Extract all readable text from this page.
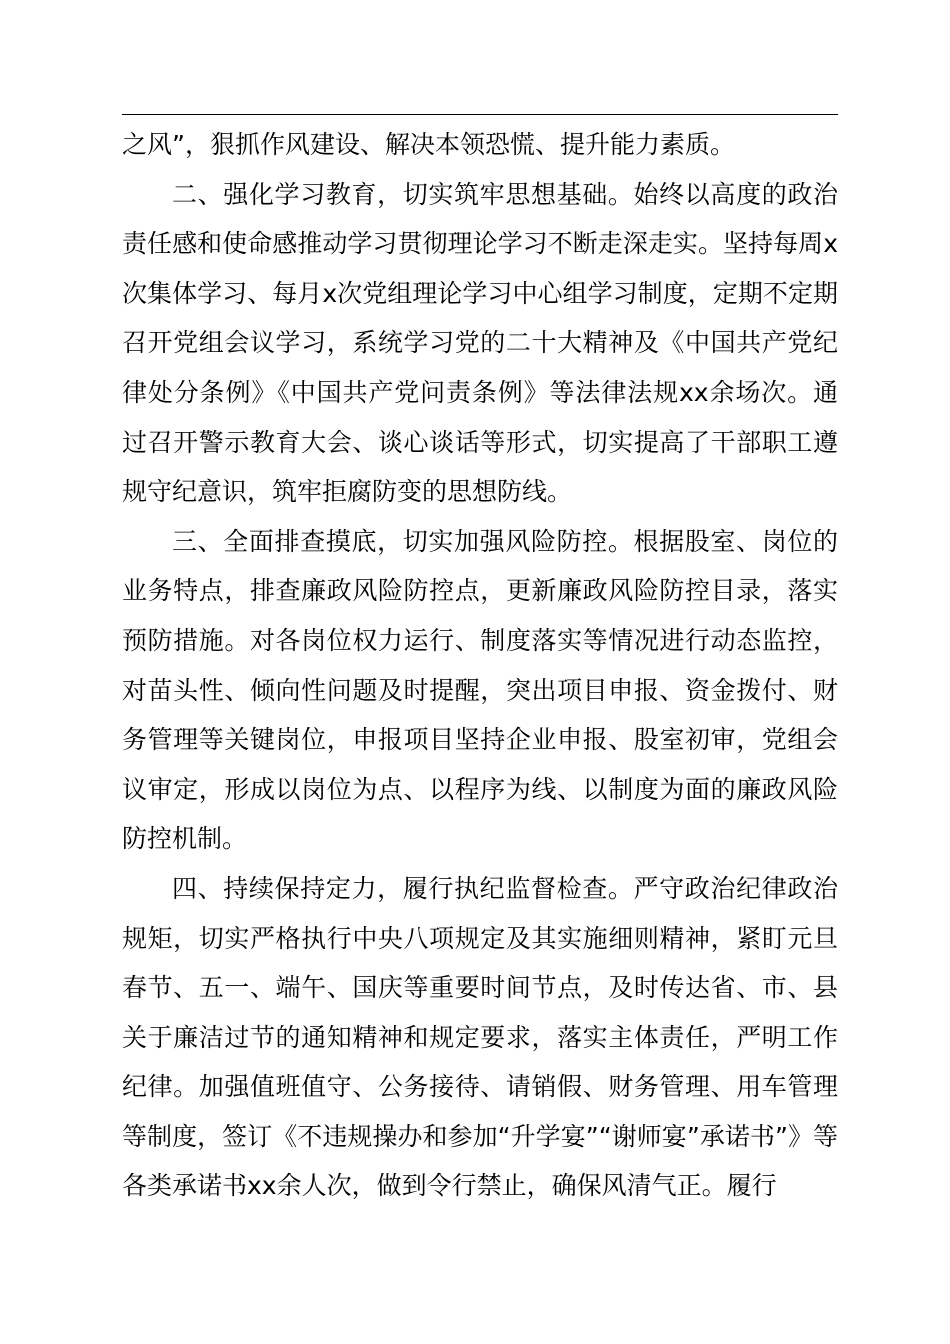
之风”，狠抓作风建设、解决本领恐慌、提升能力素质。

二、强化学习教育，切实筑牢思想基础。始终以高度的政治责任感和使命感推动学习贯彻理论学习不断走深走实。坚持每周x次集体学习、每月x次党组理论学习中心组学习制度，定期不定期召开党组会议学习，系统学习党的二十大精神及《中国共产党纪律处分条例》《中国共产党问责条例》等法律法规xx余场次。通过召开警示教育大会、谈心谈话等形式，切实提高了干部职工遵规守纪意识，筑牢拒腐防变的思想防线。

三、全面排查摸底，切实加强风险防控。根据股室、岗位的业务特点，排查廉政风险防控点，更新廉政风险防控目录，落实预防措施。对各岗位权力运行、制度落实等情况进行动态监控，对苗头性、倾向性问题及时提醒，突出项目申报、资金拨付、财务管理等关键岗位，申报项目坚持企业申报、股室初审，党组会议审定，形成以岗位为点、以程序为线、以制度为面的廉政风险防控机制。

四、持续保持定力，履行执纪监督检查。严守政治纪律政治规矩，切实严格执行中央八项规定及其实施细则精神，紧盯元旦春节、五一、端午、国庆等重要时间节点，及时传达省、市、县关于廉洁过节的通知精神和规定要求，落实主体责任，严明工作纪律。加强值班值守、公务接待、请销假、财务管理、用车管理等制度，签订《不违规操办和参加“升学宴”“谢师宴”承诺书”》等各类承诺书xx余人次，做到令行禁止，确保风清气正。履行
